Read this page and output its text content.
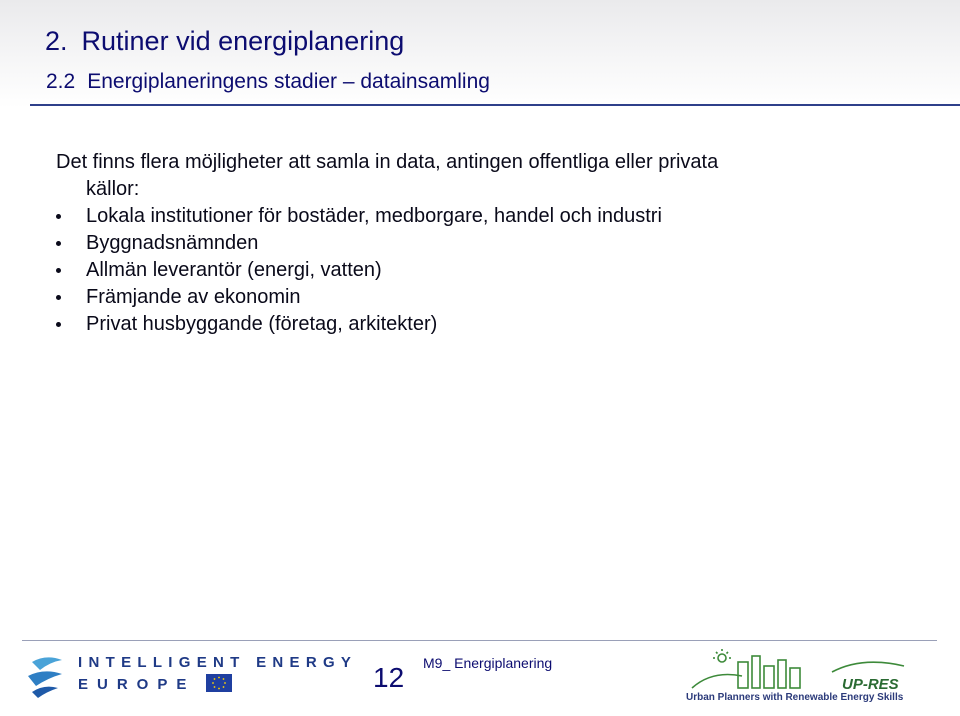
2. Rutiner vid energiplanering
2.2 Energiplaneringens stadier – datainsamling
Det finns flera möjligheter att samla in data, antingen offentliga eller privata
källor:
Lokala institutioner för bostäder, medborgare, handel och industri
Byggnadsnämnden
Allmän leverantör (energi, vatten)
Främjande av ekonomin
Privat husbyggande (företag, arkitekter)
INTELLIGENT ENERGY
EUROPE	12 M9_ Energiplanering
UP-RES
Urban Planners with Renewable Energy Skills
